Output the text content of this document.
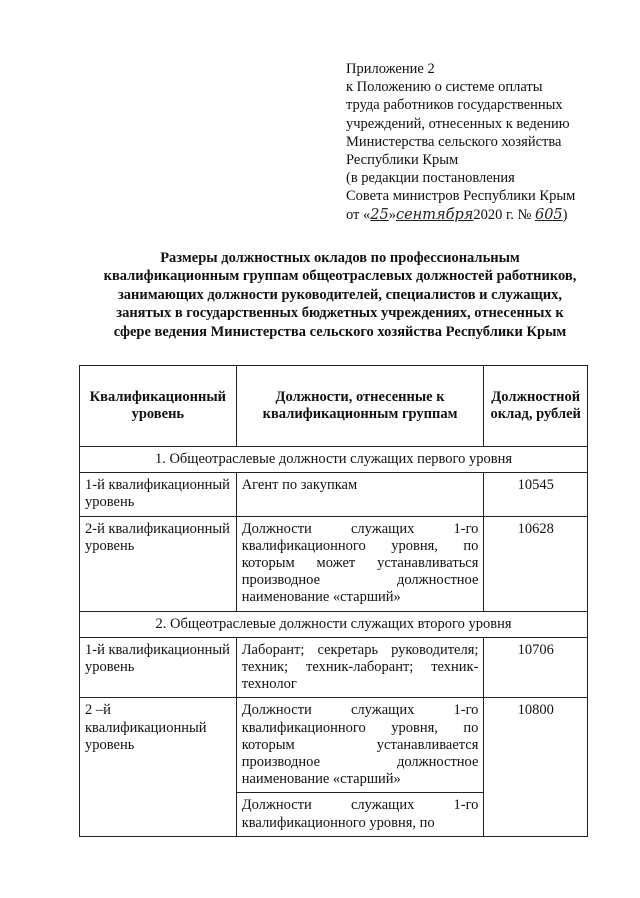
Приложение 2
к Положению о системе оплаты
труда работников государственных
учреждений, отнесенных к ведению
Министерства сельского хозяйства
Республики Крым
(в редакции постановления
Совета министров Республики Крым
от «25»сентября2020 г. № 605)
Размеры должностных окладов по профессиональным
квалификационным группам общеотраслевых должностей работников,
занимающих должности руководителей, специалистов и служащих,
занятых в государственных бюджетных учреждениях, отнесенных к
сфере ведения Министерства сельского хозяйства Республики Крым
Квалификационный уровень	Должности, отнесенные к квалификационным группам	Должностной оклад, рублей
1. Общеотраслевые должности служащих первого уровня		
1-й квалификационный уровень	Агент по закупкам	10545
2-й квалификационный уровень	Должности служащих 1-го квалификационного уровня, по которым может устанавливаться производное должностное наименование «старший»	10628
2. Общеотраслевые должности служащих второго уровня		
1-й квалификационный уровень	Лаборант; секретарь руководителя; техник; техник-лаборант; техник-технолог	10706
2 –й квалификационный уровень	Должности служащих 1-го квалификационного уровня, по которым устанавливается производное должностное наименование «старший»	10800
	Должности служащих 1-го квалификационного уровня, по	
